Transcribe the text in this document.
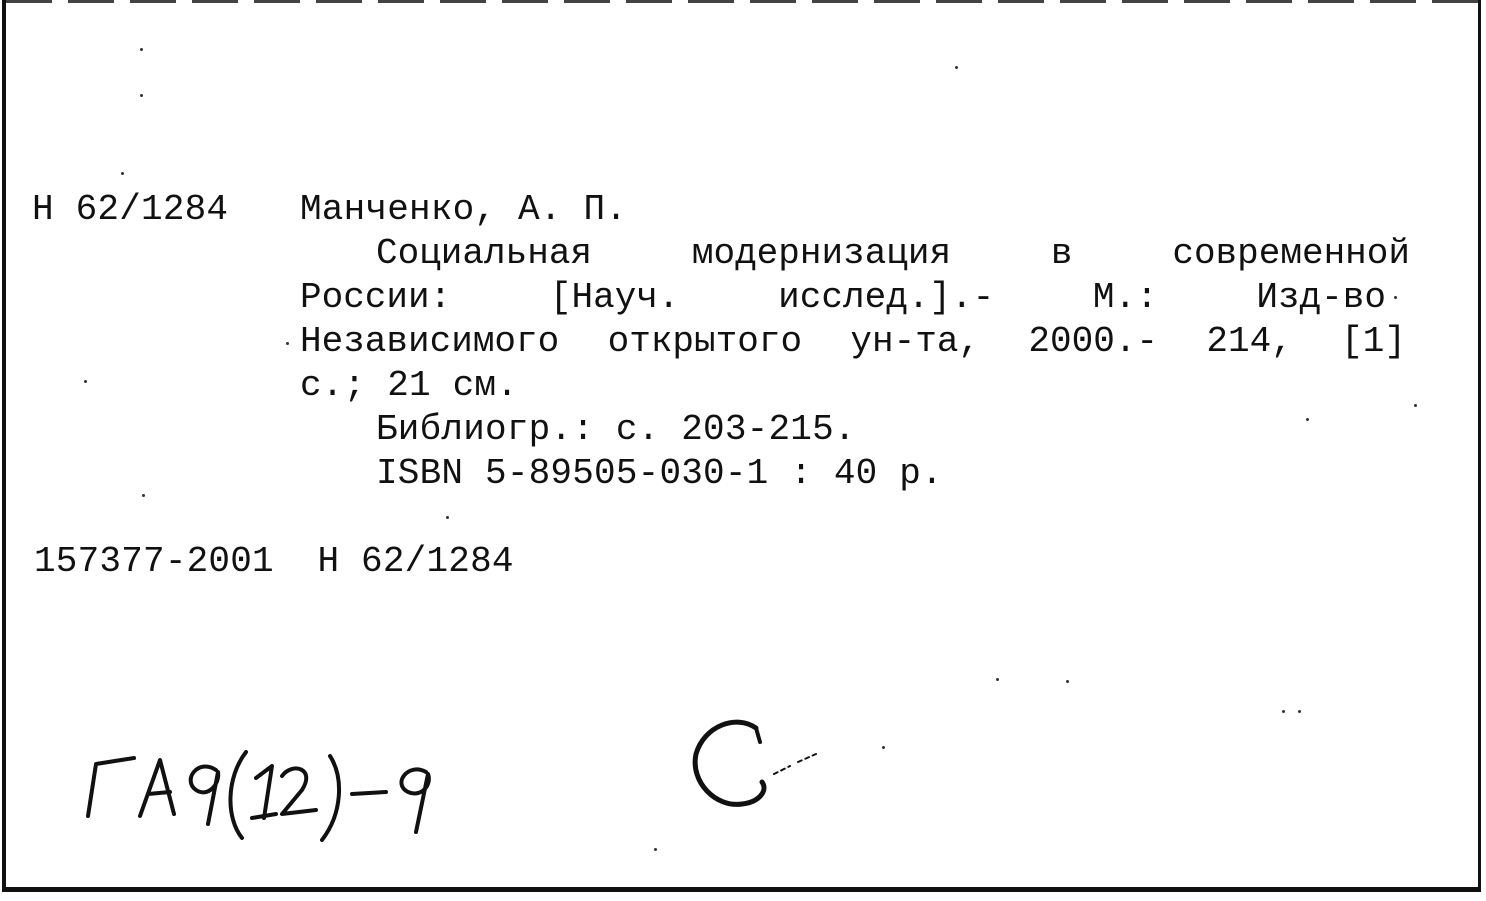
Н 62/1284 Манченко, А. П.
Социальная	модернизация	в	современной
России:	[Науч.	исслед.].-	М.:	Изд-во
Независимого открытого ун-та, 2000.- 214, [1]
с.; 21 см.
Библиогр.: с. 203-215.
ISBN 5-89505-030-1 : 40 р.
157377-2001  Н 62/1284
